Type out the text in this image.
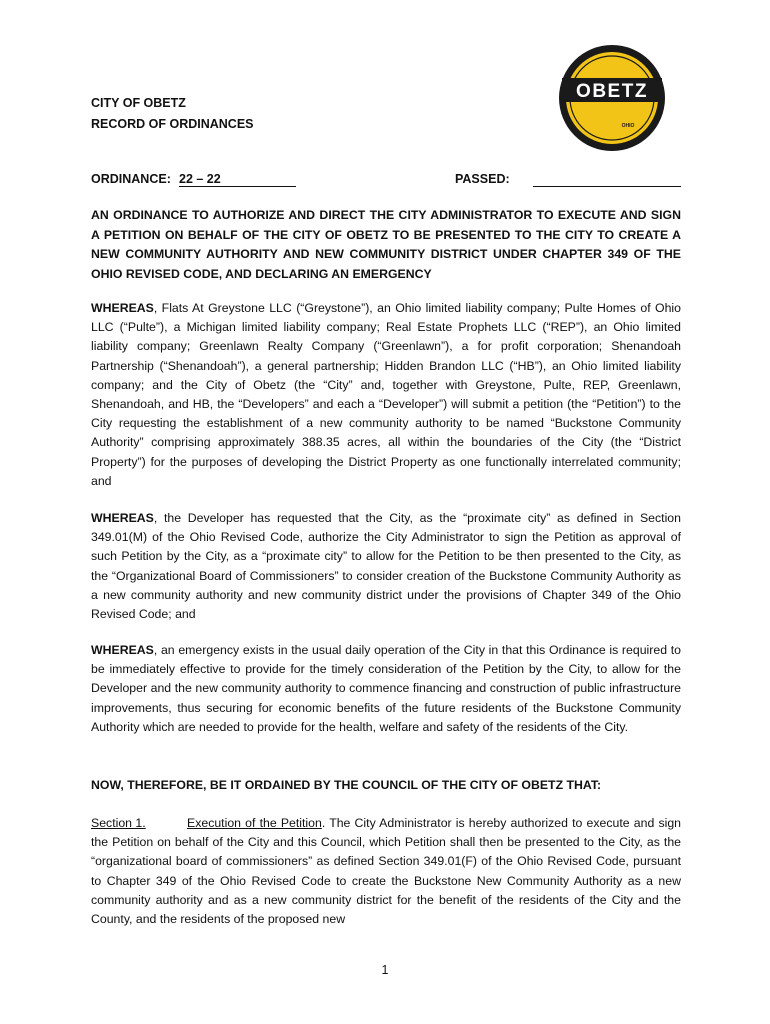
OBETZ
OHIO
CITY OF OBETZ
RECORD OF ORDINANCES
ORDINANCE: 22 – 22	PASSED:
AN ORDINANCE TO AUTHORIZE AND DIRECT THE CITY ADMINISTRATOR TO EXECUTE AND SIGN A PETITION ON BEHALF OF THE CITY OF OBETZ TO BE PRESENTED TO THE CITY TO CREATE A NEW COMMUNITY AUTHORITY AND NEW COMMUNITY DISTRICT UNDER CHAPTER 349 OF THE OHIO REVISED CODE, AND DECLARING AN EMERGENCY
WHEREAS, Flats At Greystone LLC (“Greystone”), an Ohio limited liability company; Pulte Homes of Ohio LLC (“Pulte”), a Michigan limited liability company; Real Estate Prophets LLC (“REP”), an Ohio limited liability company; Greenlawn Realty Company (“Greenlawn”), a for profit corporation; Shenandoah Partnership (“Shenandoah”), a general partnership; Hidden Brandon LLC (“HB”), an Ohio limited liability company; and the City of Obetz (the “City” and, together with Greystone, Pulte, REP, Greenlawn, Shenandoah, and HB, the “Developers” and each a “Developer”) will submit a petition (the “Petition”) to the City requesting the establishment of a new community authority to be named “Buckstone Community Authority” comprising approximately 388.35 acres, all within the boundaries of the City (the “District Property”) for the purposes of developing the District Property as one functionally interrelated community; and
WHEREAS, the Developer has requested that the City, as the “proximate city” as defined in Section 349.01(M) of the Ohio Revised Code, authorize the City Administrator to sign the Petition as approval of such Petition by the City, as a “proximate city” to allow for the Petition to be then presented to the City, as the “Organizational Board of Commissioners” to consider creation of the Buckstone Community Authority as a new community authority and new community district under the provisions of Chapter 349 of the Ohio Revised Code; and
WHEREAS, an emergency exists in the usual daily operation of the City in that this Ordinance is required to be immediately effective to provide for the timely consideration of the Petition by the City, to allow for the Developer and the new community authority to commence financing and construction of public infrastructure improvements, thus securing for economic benefits of the future residents of the Buckstone Community Authority which are needed to provide for the health, welfare and safety of the residents of the City.
NOW, THEREFORE, BE IT ORDAINED BY THE COUNCIL OF THE CITY OF OBETZ THAT:
Section 1.	Execution of the Petition. The City Administrator is hereby authorized to execute and sign the Petition on behalf of the City and this Council, which Petition shall then be presented to the City, as the “organizational board of commissioners” as defined Section 349.01(F) of the Ohio Revised Code, pursuant to Chapter 349 of the Ohio Revised Code to create the Buckstone New Community Authority as a new community authority and as a new community district for the benefit of the residents of the City and the County, and the residents of the proposed new
1
